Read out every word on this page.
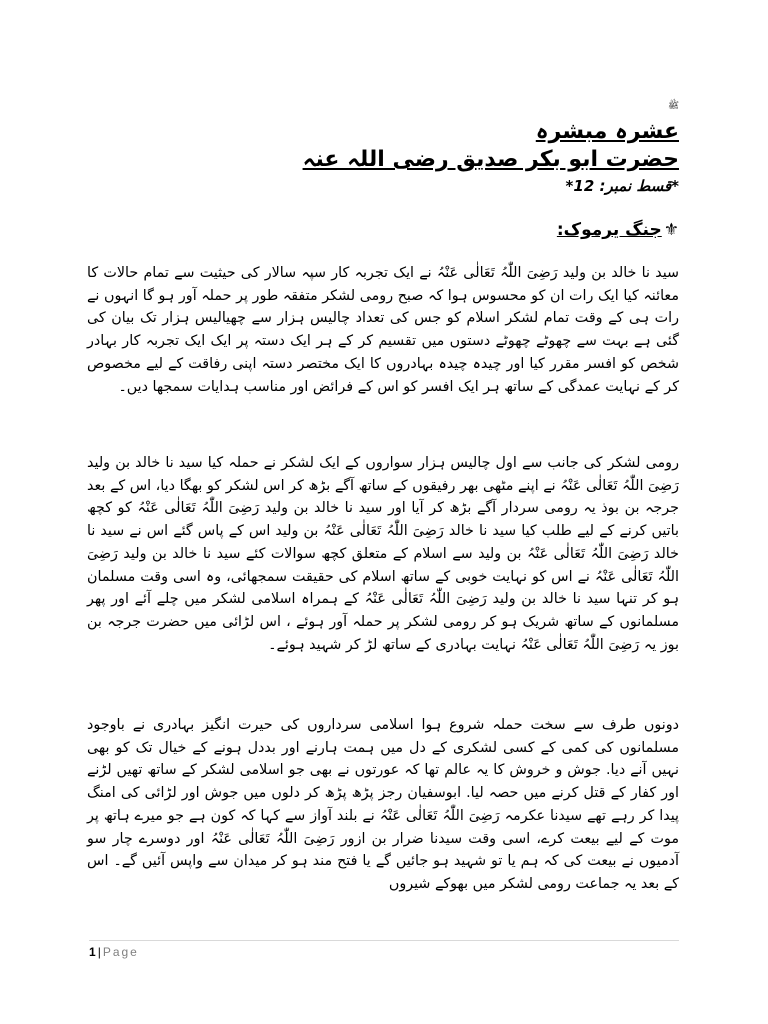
ﷺ
عشرہ مبشرہ
حضرت ابو بکر صدیق رضی اللہ عنہ
*قسط نمبر: 12*
⚜جنگ یرموک:

سید نا خالد بن ولید رَضِیَ اللّٰہُ تَعَالٰی عَنْہُ نے ایک تجربہ کار سپہ سالار کی حیثیت سے تمام حالات کا معائنہ کیا ایک رات ان کو محسوس ہوا کہ صبح رومی لشکر متفقہ طور پر حملہ آور ہو گا انہوں نے رات ہی کے وقت تمام لشکر اسلام کو جس کی تعداد چالیس ہزار سے چھیالیس ہزار تک بیان کی گئی ہے بہت سے چھوٹے چھوٹے دستوں میں تقسیم کر کے ہر ایک دستہ پر ایک ایک تجربہ کار بہادر شخص کو افسر مقرر کیا اور چیدہ چیدہ بہادروں کا ایک مختصر دستہ اپنی رفاقت کے لیے مخصوص کر کے نہایت عمدگی کے ساتھ ہر ایک افسر کو اس کے فرائض اور مناسب ہدایات سمجھا دیں۔

رومی لشکر کی جانب سے اول چالیس ہزار سواروں کے ایک لشکر نے حملہ کیا سید نا خالد بن ولید رَضِیَ اللّٰہُ تَعَالٰی عَنْہُ نے اپنے مٹھی بھر رفیقوں کے ساتھ آگے بڑھ کر اس لشکر کو بھگا دیا، اس کے بعد جرجہ بن بوذ یہ رومی سردار آگے بڑھ کر آیا اور سید نا خالد بن ولید رَضِیَ اللّٰہُ تَعَالٰی عَنْہُ کو کچھ باتیں کرنے کے لیے طلب کیا سید نا خالد رَضِیَ اللّٰہُ تَعَالٰی عَنْہُ بن ولید اس کے پاس گئے اس نے سید نا خالد رَضِیَ اللّٰہُ تَعَالٰی عَنْہُ بن ولید سے اسلام کے متعلق کچھ سوالات کئے سید نا خالد بن ولید رَضِیَ اللّٰہُ تَعَالٰی عَنْہُ نے اس کو نہایت خوبی کے ساتھ اسلام کی حقیقت سمجھائی، وہ اسی وقت مسلمان ہو کر تنہا سید نا خالد بن ولید رَضِیَ اللّٰہُ تَعَالٰی عَنْہُ کے ہمراہ اسلامی لشکر میں چلے آئے اور پھر مسلمانوں کے ساتھ شریک ہو کر رومی لشکر پر حملہ آور ہوئے ، اس لڑائی میں حضرت جرجہ بن بوز یہ رَضِیَ اللّٰہُ تَعَالٰی عَنْہُ نہایت بہادری کے ساتھ لڑ کر شہید ہوئے۔

دونوں طرف سے سخت حملہ شروع ہوا اسلامی سرداروں کی حیرت انگیز بہادری نے باوجود مسلمانوں کی کمی کے کسی لشکری کے دل میں ہمت ہارنے اور بددل ہونے کے خیال تک کو بھی نہیں آنے دیا. جوش و خروش کا یہ عالم تھا کہ عورتوں نے بھی جو اسلامی لشکر کے ساتھ تھیں لڑنے اور کفار کے قتل کرنے میں حصہ لیا. ابوسفیان رجز پڑھ پڑھ کر دلوں میں جوش اور لڑائی کی امنگ پیدا کر رہے تھے سیدنا عکرمہ رَضِیَ اللّٰہُ تَعَالٰی عَنْہُ نے بلند آواز سے کہا کہ کون ہے جو میرے ہاتھ پر موت کے لیے بیعت کرے، اسی وقت سیدنا ضرار بن ازور رَضِیَ اللّٰہُ تَعَالٰی عَنْہُ اور دوسرے چار سو آدمیوں نے بیعت کی کہ ہم یا تو شہید ہو جائیں گے یا فتح مند ہو کر میدان سے واپس آئیں گے۔ اس کے بعد یہ جماعت رومی لشکر میں بھوکے شیروں

1 | Page
